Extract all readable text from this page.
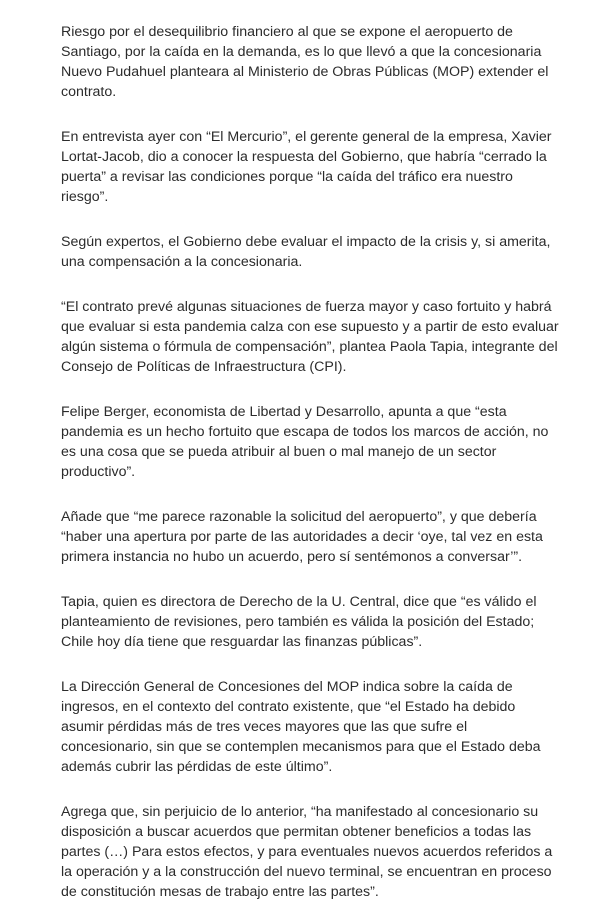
Riesgo por el desequilibrio financiero al que se expone el aeropuerto de Santiago, por la caída en la demanda, es lo que llevó a que la concesionaria Nuevo Pudahuel planteara al Ministerio de Obras Públicas (MOP) extender el contrato.

En entrevista ayer con “El Mercurio”, el gerente general de la empresa, Xavier Lortat-Jacob, dio a conocer la respuesta del Gobierno, que habría “cerrado la puerta” a revisar las condiciones porque “la caída del tráfico era nuestro riesgo”.

Según expertos, el Gobierno debe evaluar el impacto de la crisis y, si amerita, una compensación a la concesionaria.

“El contrato prevé algunas situaciones de fuerza mayor y caso fortuito y habrá que evaluar si esta pandemia calza con ese supuesto y a partir de esto evaluar algún sistema o fórmula de compensación”, plantea Paola Tapia, integrante del Consejo de Políticas de Infraestructura (CPI).

Felipe Berger, economista de Libertad y Desarrollo, apunta a que “esta pandemia es un hecho fortuito que escapa de todos los marcos de acción, no es una cosa que se pueda atribuir al buen o mal manejo de un sector productivo”.

Añade que “me parece razonable la solicitud del aeropuerto”, y que debería “haber una apertura por parte de las autoridades a decir ‘oye, tal vez en esta primera instancia no hubo un acuerdo, pero sí sentémonos a conversar’”.

Tapia, quien es directora de Derecho de la U. Central, dice que “es válido el planteamiento de revisiones, pero también es válida la posición del Estado; Chile hoy día tiene que resguardar las finanzas públicas”.

La Dirección General de Concesiones del MOP indica sobre la caída de ingresos, en el contexto del contrato existente, que “el Estado ha debido asumir pérdidas más de tres veces mayores que las que sufre el concesionario, sin que se contemplen mecanismos para que el Estado deba además cubrir las pérdidas de este último”.

Agrega que, sin perjuicio de lo anterior, “ha manifestado al concesionario su disposición a buscar acuerdos que permitan obtener beneficios a todas las partes (…) Para estos efectos, y para eventuales nuevos acuerdos referidos a la operación y a la construcción del nuevo terminal, se encuentran en proceso de constitución mesas de trabajo entre las partes”.
